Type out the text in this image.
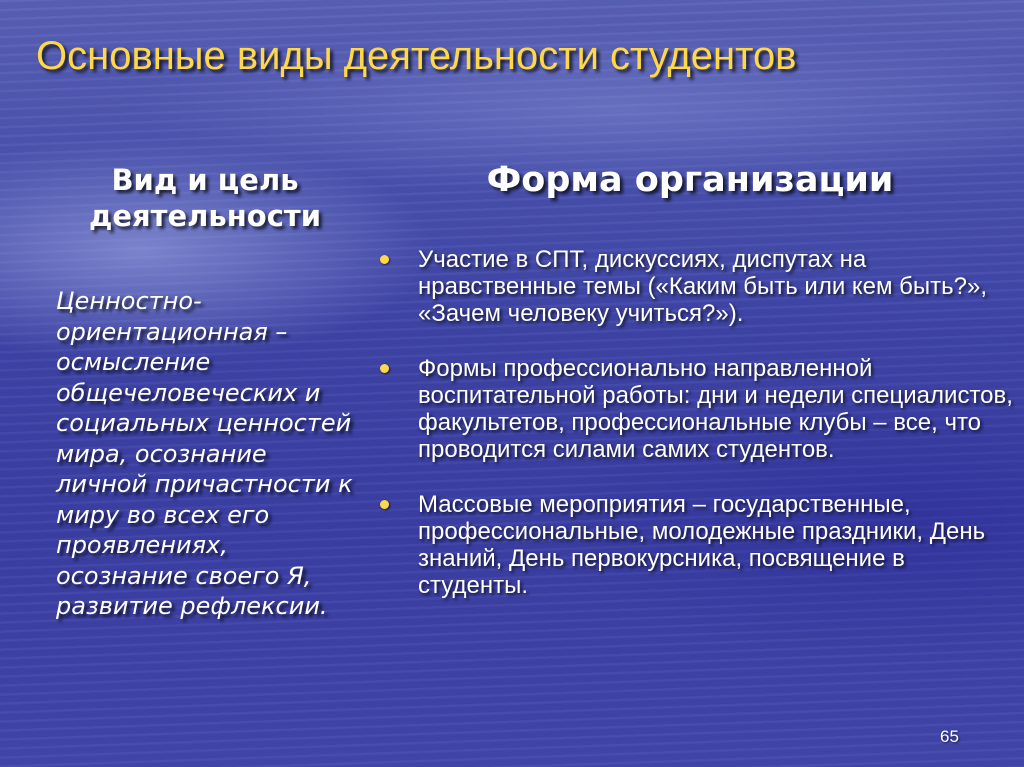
Основные виды деятельности студентов
Вид и цель деятельности
Ценностно-ориентационная – осмысление общечеловеческих и социальных ценностей мира, осознание личной причастности к миру во всех его проявлениях, осознание своего Я, развитие рефлексии.
Форма организации
Участие в СПТ, дискуссиях, диспутах на нравственные темы («Каким быть или кем быть?», «Зачем человеку учиться?»).
Формы профессионально направленной воспитательной работы: дни и недели специалистов, факультетов, профессиональные клубы – все, что проводится силами самих студентов.
Массовые мероприятия – государственные, профессиональные, молодежные праздники, День знаний, День первокурсника, посвящение в студенты.
65
